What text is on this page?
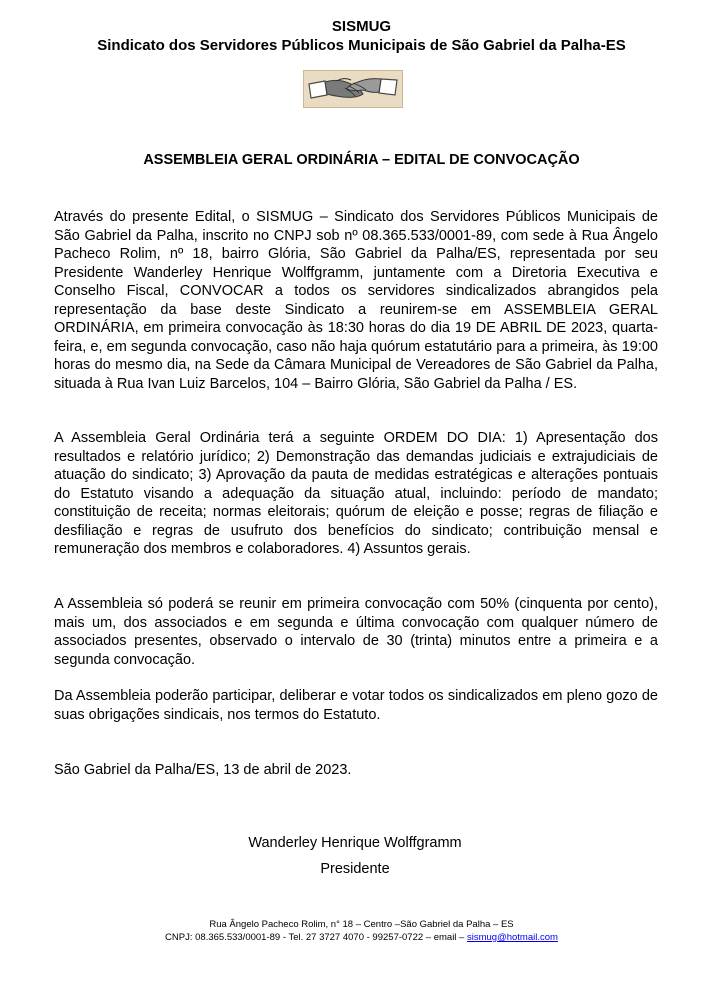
SISMUG
Sindicato dos Servidores Públicos Municipais de São Gabriel da Palha-ES
ASSEMBLEIA GERAL ORDINÁRIA – EDITAL DE CONVOCAÇÃO

Através do presente Edital, o SISMUG – Sindicato dos Servidores Públicos Municipais de São Gabriel da Palha, inscrito no CNPJ sob nº 08.365.533/0001-89, com sede à Rua Ângelo Pacheco Rolim, nº 18, bairro Glória, São Gabriel da Palha/ES, representada por seu Presidente Wanderley Henrique Wolffgramm, juntamente com a Diretoria Executiva e Conselho Fiscal, CONVOCAR a todos os servidores sindicalizados abrangidos pela representação da base deste Sindicato a reunirem-se em ASSEMBLEIA GERAL ORDINÁRIA, em primeira convocação às 18:30 horas do dia 19 DE ABRIL DE 2023, quarta-feira, e, em segunda convocação, caso não haja quórum estatutário para a primeira, às 19:00 horas do mesmo dia, na Sede da Câmara Municipal de Vereadores de São Gabriel da Palha, situada à Rua Ivan Luiz Barcelos, 104 – Bairro Glória, São Gabriel da Palha / ES.

A Assembleia Geral Ordinária terá a seguinte ORDEM DO DIA: 1) Apresentação dos resultados e relatório jurídico; 2) Demonstração das demandas judiciais e extrajudiciais de atuação do sindicato; 3) Aprovação da pauta de medidas estratégicas e alterações pontuais do Estatuto visando a adequação da situação atual, incluindo: período de mandato; constituição de receita; normas eleitorais; quórum de eleição e posse; regras de filiação e desfiliação e regras de usufruto dos benefícios do sindicato; contribuição mensal e remuneração dos membros e colaboradores. 4) Assuntos gerais.

A Assembleia só poderá se reunir em primeira convocação com 50% (cinquenta por cento), mais um, dos associados e em segunda e última convocação com qualquer número de associados presentes, observado o intervalo de 30 (trinta) minutos entre a primeira e a segunda convocação.

Da Assembleia poderão participar, deliberar e votar todos os sindicalizados em pleno gozo de suas obrigações sindicais, nos termos do Estatuto.

São Gabriel da Palha/ES, 13 de abril de 2023.
Wanderley Henrique Wolffgramm
Presidente
Rua Ângelo Pacheco Rolim, n° 18 – Centro –São Gabriel da Palha – ES
CNPJ: 08.365.533/0001-89 - Tel. 27 3727 4070 - 99257-0722 – email – sismug@hotmail.com
